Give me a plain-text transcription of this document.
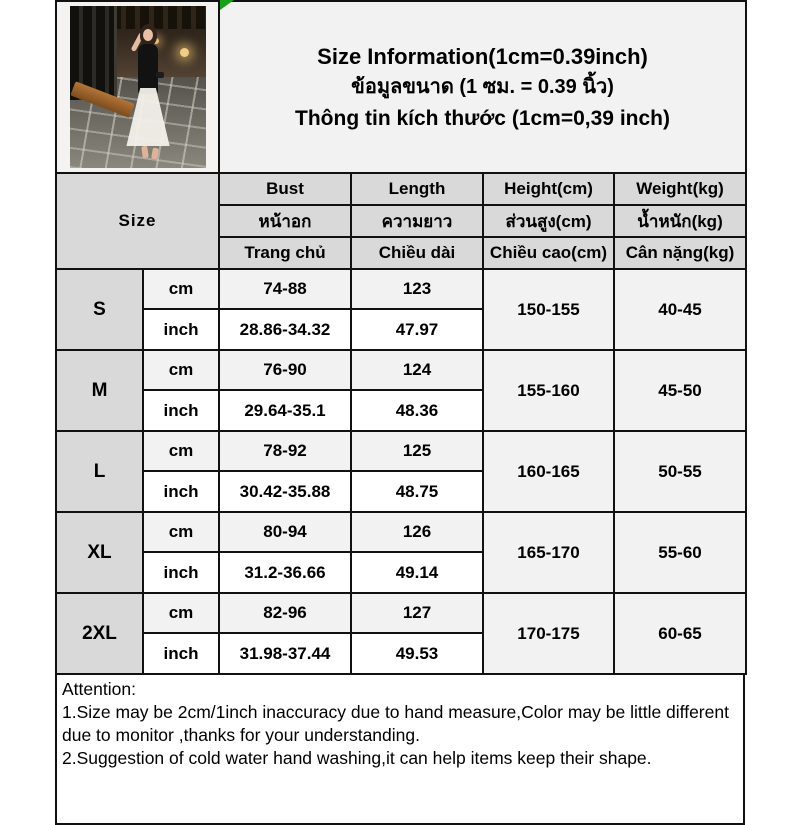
		Size Information(1cm=0.39inch)
ข้อมูลขนาด (1 ซม. = 0.39 นิ้ว)
Thông tin kích thước (1cm=0,39 inch)			

Size		Bust	Length	Height(cm)	Weight(kg)
		หน้าอก	ความยาว	ส่วนสูง(cm)	น้ำหนัก(kg)
		Trang chủ	Chiều dài	Chiều cao(cm)	Cân nặng(kg)
S	cm	74-88	123	150-155	40-45
	inch	28.86-34.32	47.97		
M	cm	76-90	124	155-160	45-50
	inch	29.64-35.1	48.36		
L	cm	78-92	125	160-165	50-55
	inch	30.42-35.88	48.75		
XL	cm	80-94	126	165-170	55-60
	inch	31.2-36.66	49.14		
2XL	cm	82-96	127	170-175	60-65
	inch	31.98-37.44	49.53		
Attention:
1.Size may be 2cm/1inch inaccuracy due to hand measure,Color may be little different due to monitor ,thanks for your understanding.
2.Suggestion of cold water hand washing,it can help items keep their shape.
